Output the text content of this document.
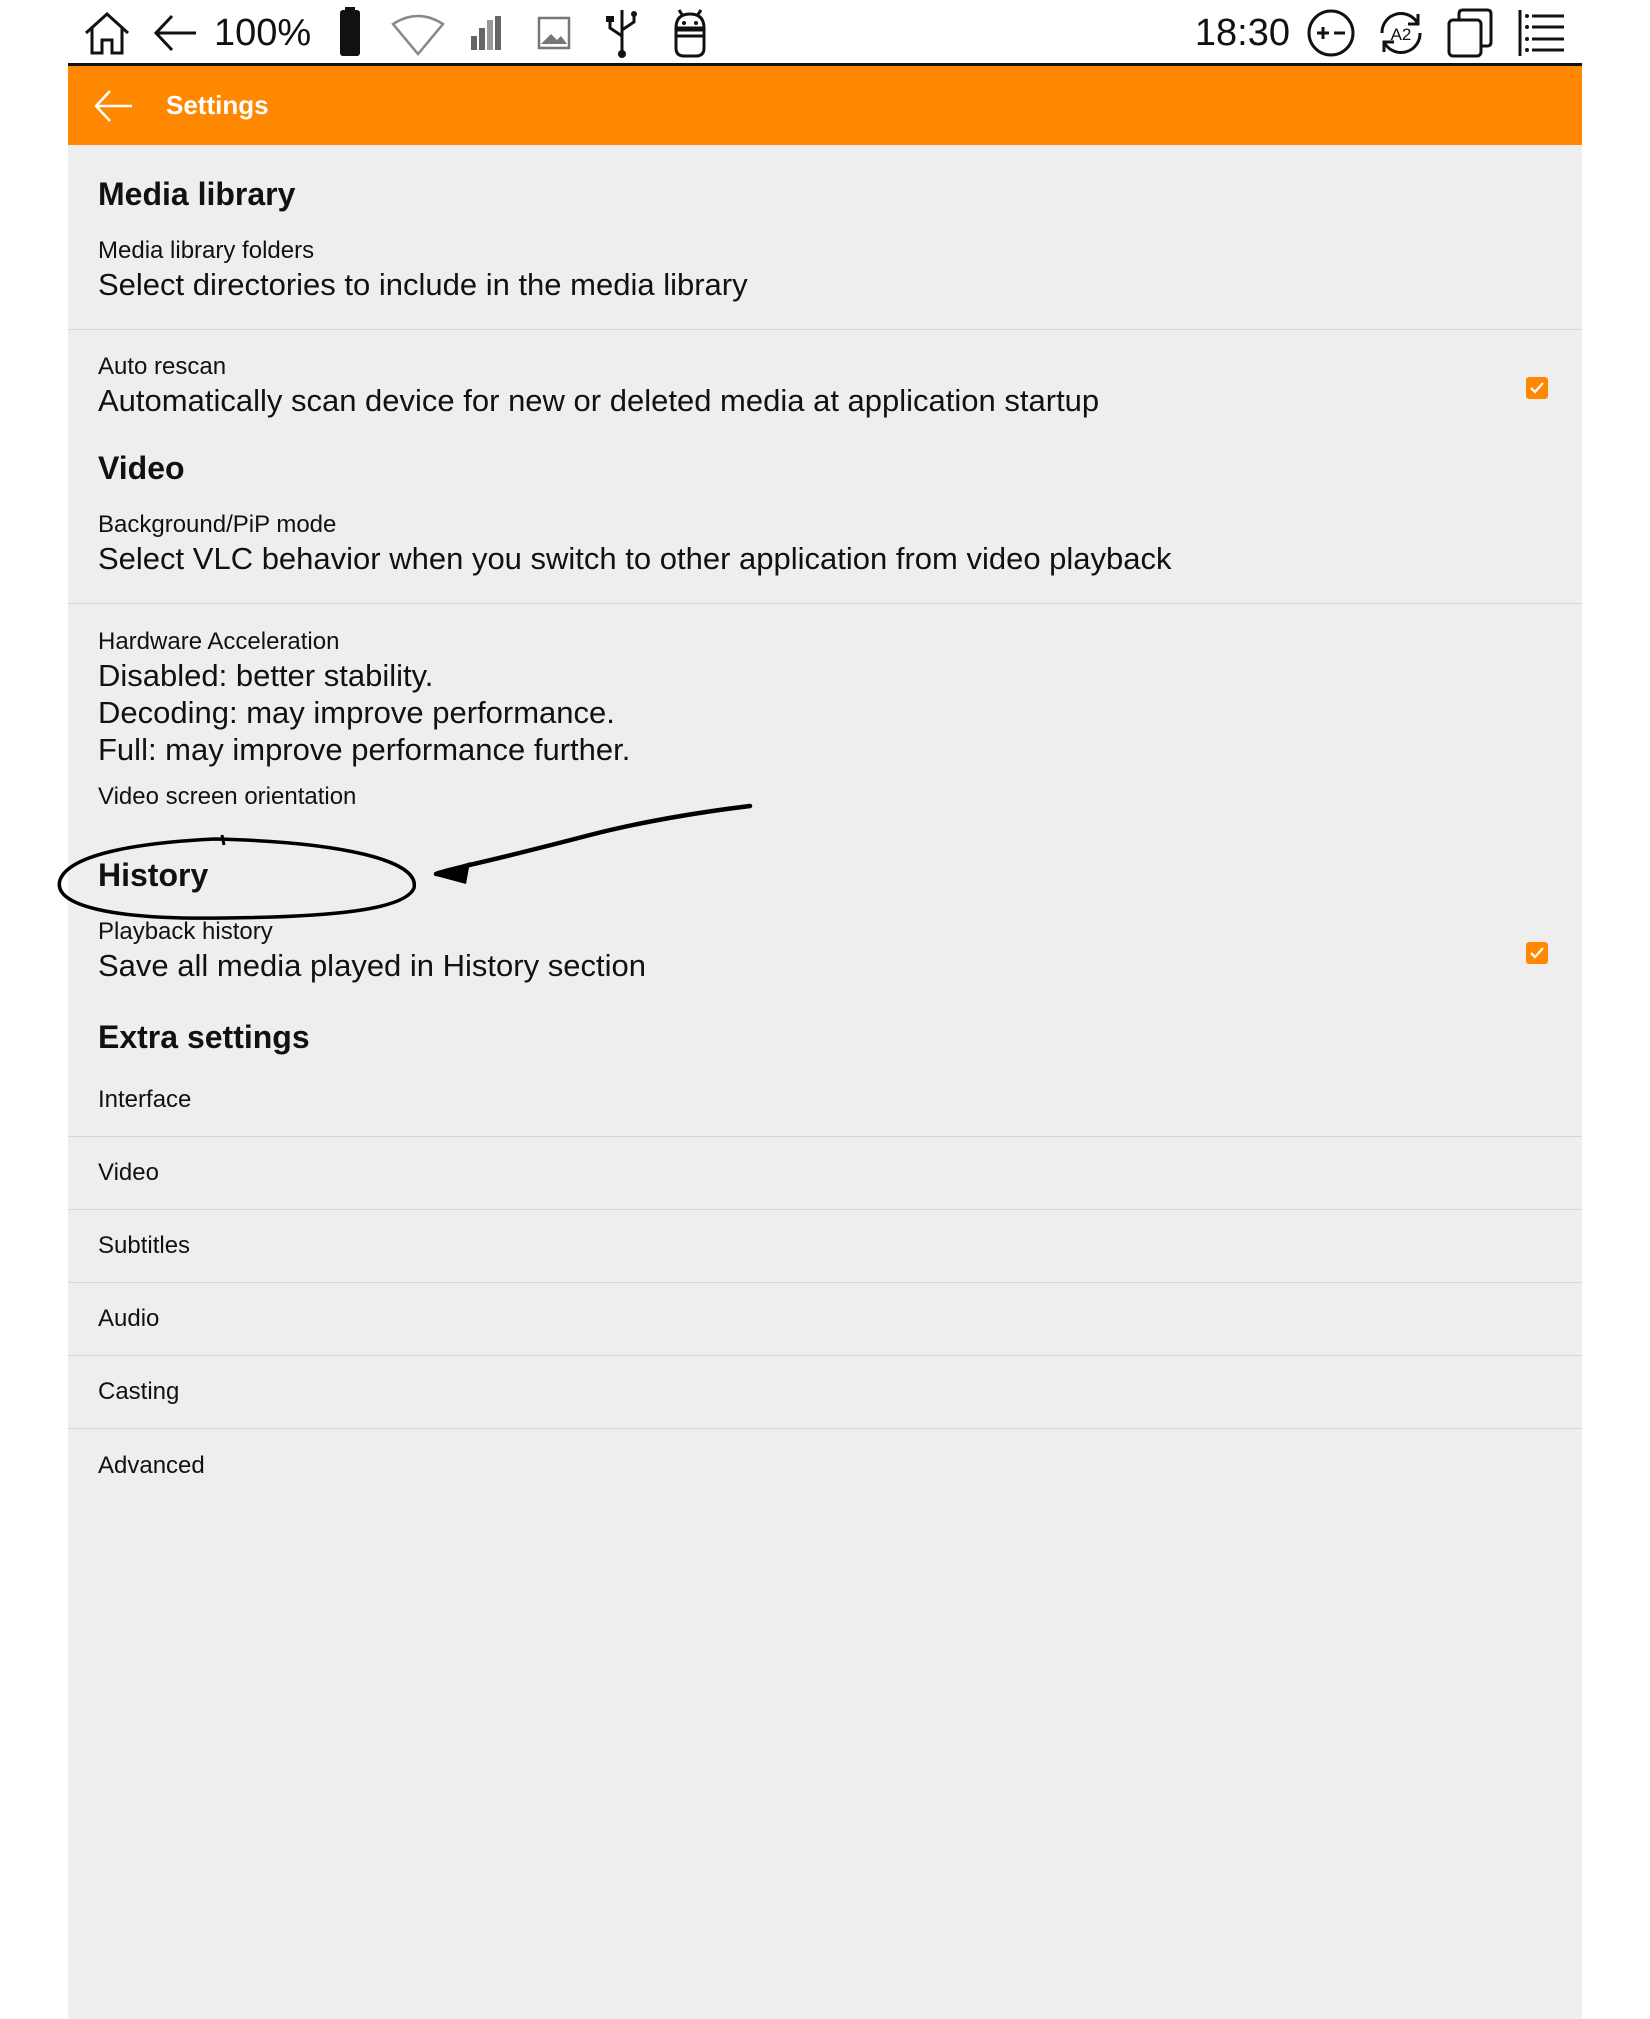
100%	18:30	A2
Settings
Media library
Media library folders
Select directories to include in the media library
Auto rescan
Automatically scan device for new or deleted media at application startup
Video
Background/PiP mode
Select VLC behavior when you switch to other application from video playback
Hardware Acceleration
Disabled: better stability.
Decoding: may improve performance.
Full: may improve performance further.
Video screen orientation
History
Playback history
Save all media played in History section
Extra settings
Interface
Video
Subtitles
Audio
Casting
Advanced
